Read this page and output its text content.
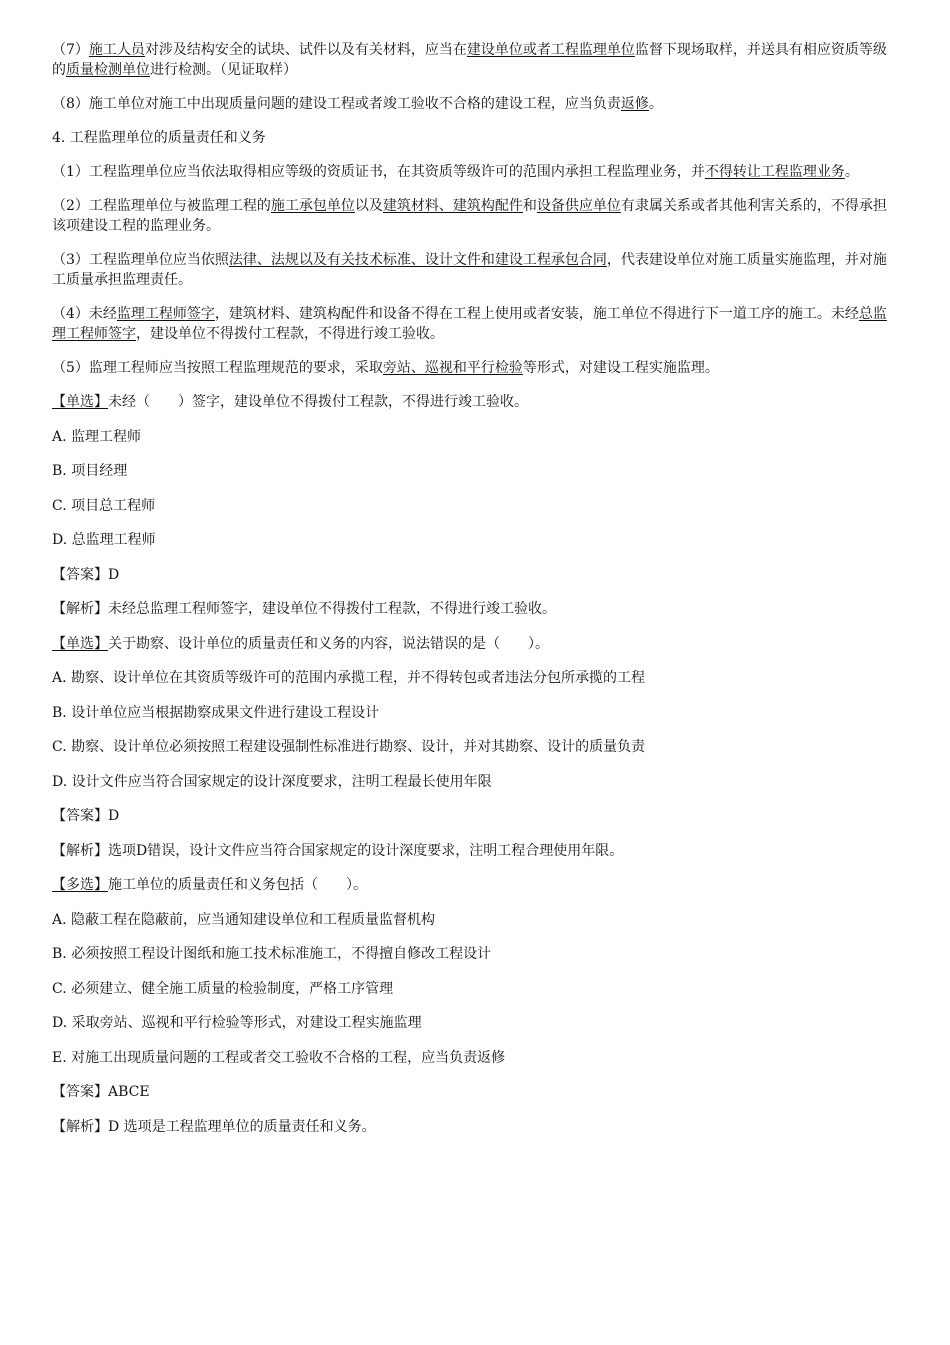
（7）施工人员对涉及结构安全的试块、试件以及有关材料，应当在建设单位或者工程监理单位监督下现场取样，并送具有相应资质等级的质量检测单位进行检测。（见证取样）

（8）施工单位对施工中出现质量问题的建设工程或者竣工验收不合格的建设工程，应当负责返修。

4. 工程监理单位的质量责任和义务

（1）工程监理单位应当依法取得相应等级的资质证书，在其资质等级许可的范围内承担工程监理业务，并不得转让工程监理业务。

（2）工程监理单位与被监理工程的施工承包单位以及建筑材料、建筑构配件和设备供应单位有隶属关系或者其他利害关系的，不得承担该项建设工程的监理业务。

（3）工程监理单位应当依照法律、法规以及有关技术标准、设计文件和建设工程承包合同，代表建设单位对施工质量实施监理，并对施工质量承担监理责任。

（4）未经监理工程师签字，建筑材料、建筑构配件和设备不得在工程上使用或者安装，施工单位不得进行下一道工序的施工。未经总监理工程师签字，建设单位不得拨付工程款，不得进行竣工验收。

（5）监理工程师应当按照工程监理规范的要求，采取旁站、巡视和平行检验等形式，对建设工程实施监理。

【单选】未经（　　）签字，建设单位不得拨付工程款，不得进行竣工验收。

A. 监理工程师

B. 项目经理

C. 项目总工程师

D. 总监理工程师

【答案】D

【解析】未经总监理工程师签字，建设单位不得拨付工程款，不得进行竣工验收。

【单选】关于勘察、设计单位的质量责任和义务的内容，说法错误的是（　　）。

A. 勘察、设计单位在其资质等级许可的范围内承揽工程，并不得转包或者违法分包所承揽的工程

B. 设计单位应当根据勘察成果文件进行建设工程设计

C. 勘察、设计单位必须按照工程建设强制性标准进行勘察、设计，并对其勘察、设计的质量负责

D. 设计文件应当符合国家规定的设计深度要求，注明工程最长使用年限

【答案】D

【解析】选项D错误，设计文件应当符合国家规定的设计深度要求，注明工程合理使用年限。

【多选】施工单位的质量责任和义务包括（　　）。

A. 隐蔽工程在隐蔽前，应当通知建设单位和工程质量监督机构

B. 必须按照工程设计图纸和施工技术标准施工，不得擅自修改工程设计

C. 必须建立、健全施工质量的检验制度，严格工序管理

D. 采取旁站、巡视和平行检验等形式，对建设工程实施监理

E. 对施工出现质量问题的工程或者交工验收不合格的工程，应当负责返修

【答案】ABCE

【解析】D 选项是工程监理单位的质量责任和义务。
